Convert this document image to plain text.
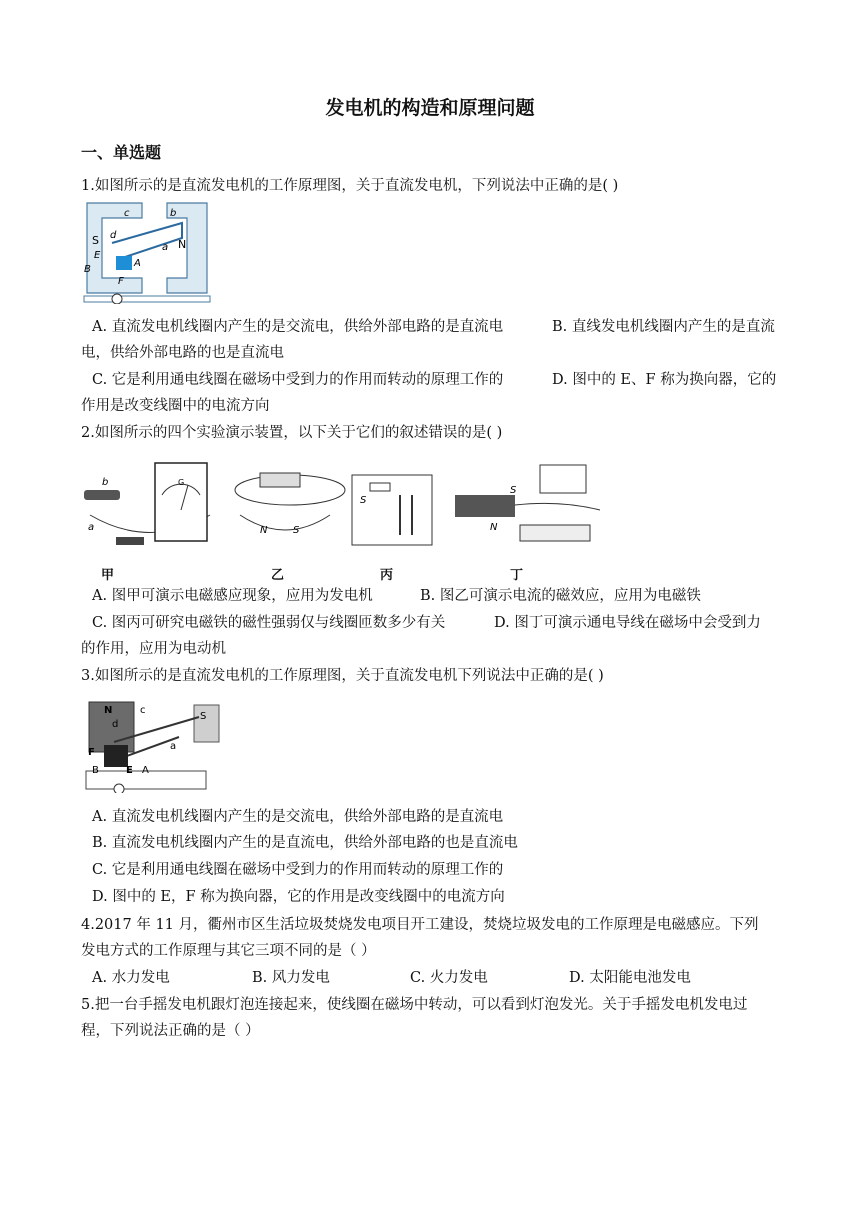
发电机的构造和原理问题
一、单选题
1.如图所示的是直流发电机的工作原理图，关于直流发电机，下列说法中正确的是( )
c	b
S d
N
a
E
B
A
F
A. 直流发电机线圈内产生的是交流电，供给外部电路的是直流电	B. 直线发电机线圈内产生的是直流
电，供给外部电路的也是直流电
C. 它是利用通电线圈在磁场中受到力的作用而转动的原理工作的	D. 图中的 E、F 称为换向器，它的
作用是改变线圈中的电流方向
2.如图所示的四个实验演示装置，以下关于它们的叙述错误的是( )
b
a
G
N	S
S
S
N
甲	乙	丙	丁
A. 图甲可演示电磁感应现象，应用为发电机	B. 图乙可演示电流的磁效应，应用为电磁铁
C. 图丙可研究电磁铁的磁性强弱仅与线圈匝数多少有关	D. 图丁可演示通电导线在磁场中会受到力
的作用，应用为电动机
3.如图所示的是直流发电机的工作原理图，关于直流发电机下列说法中正确的是( )
N
d
c
S
F
a
B	E A
A. 直流发电机线圈内产生的是交流电，供给外部电路的是直流电
B. 直流发电机线圈内产生的是直流电，供给外部电路的也是直流电
C. 它是利用通电线圈在磁场中受到力的作用而转动的原理工作的
D. 图中的 E，F 称为换向器，它的作用是改变线圈中的电流方向
4.2017 年 11 月，衢州市区生活垃圾焚烧发电项目开工建设，焚烧垃圾发电的工作原理是电磁感应。下列
发电方式的工作原理与其它三项不同的是（ ）
A. 水力发电	B. 风力发电	C. 火力发电	D. 太阳能电池发电
5.把一台手摇发电机跟灯泡连接起来，使线圈在磁场中转动，可以看到灯泡发光。关于手摇发电机发电过
程，下列说法正确的是（ ）
